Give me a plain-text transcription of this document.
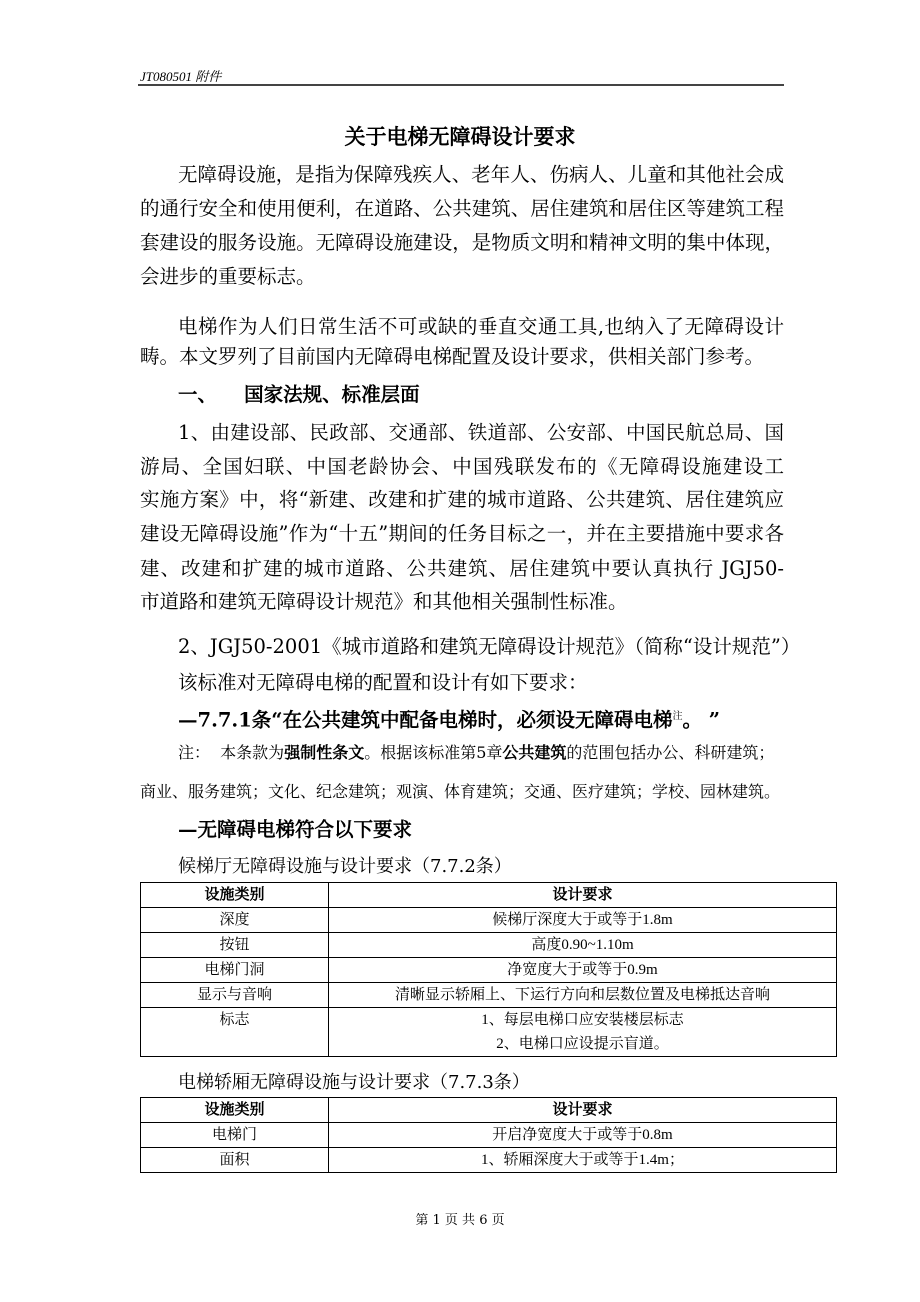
JT080501 附件
关于电梯无障碍设计要求
无障碍设施，是指为保障残疾人、老年人、伤病人、儿童和其他社会成
的通行安全和使用便利，在道路、公共建筑、居住建筑和居住区等建筑工程
套建设的服务设施。无障碍设施建设，是物质文明和精神文明的集中体现，
会进步的重要标志。
电梯作为人们日常生活不可或缺的垂直交通工具,也纳入了无障碍设计
畴。本文罗列了目前国内无障碍电梯配置及设计要求，供相关部门参考。
一、    国家法规、标准层面
1、由建设部、民政部、交通部、铁道部、公安部、中国民航总局、国
游局、全国妇联、中国老龄协会、中国残联发布的《无障碍设施建设工
实施方案》中，将“新建、改建和扩建的城市道路、公共建筑、居住建筑应
建设无障碍设施”作为“十五”期间的任务目标之一，并在主要措施中要求各
建、改建和扩建的城市道路、公共建筑、居住建筑中要认真执行 JGJ50-
市道路和建筑无障碍设计规范》和其他相关强制性标准。
2、JGJ50-2001《城市道路和建筑无障碍设计规范》（简称“设计规范”）
该标准对无障碍电梯的配置和设计有如下要求：
—7.7.1条“在公共建筑中配备电梯时，必须设无障碍电梯$^注$。 ”
注：  本条款为强制性条文。根据该标准第5章公共建筑的范围包括办公、科研建筑；
商业、服务建筑；文化、纪念建筑；观演、体育建筑；交通、医疗建筑；学校、园林建筑。
—无障碍电梯符合以下要求
候梯厅无障碍设施与设计要求（7.7.2条）
设施类别	设计要求
深度	候梯厅深度大于或等于1.8m
按钮	高度0.90~1.10m
电梯门洞	净宽度大于或等于0.9m
显示与音响	清晰显示轿厢上、下运行方向和层数位置及电梯抵达音响
标志	1、每层电梯口应安装楼层标志
2、电梯口应设提示盲道。
电梯轿厢无障碍设施与设计要求（7.7.3条）
设施类别	设计要求
电梯门	开启净宽度大于或等于0.8m
面积	1、轿厢深度大于或等于1.4m；
第 1 页 共 6 页
